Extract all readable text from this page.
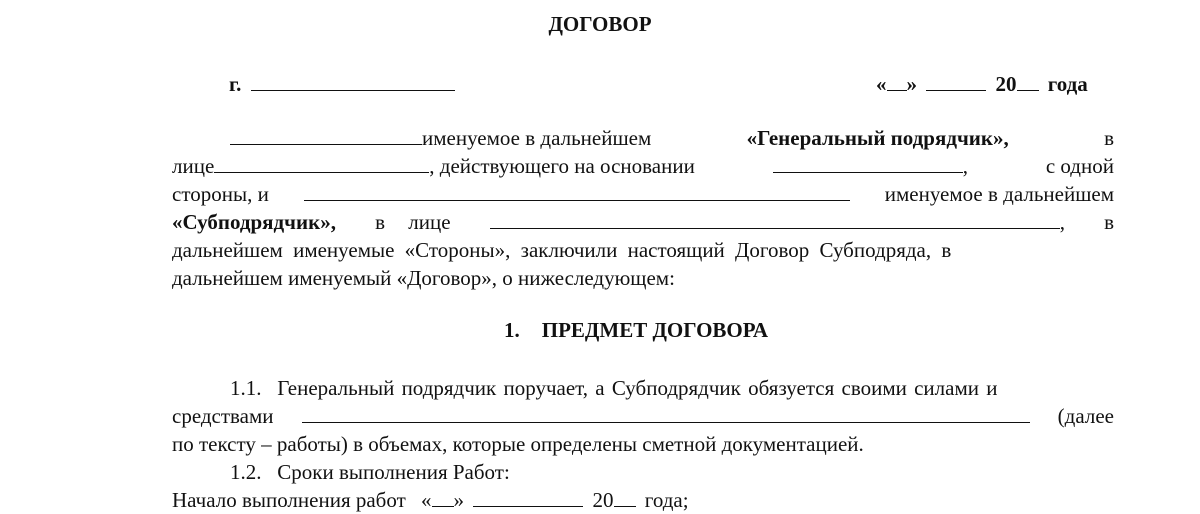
ДОГОВОР
г.	« »	20 года
именуемое в дальнейшем	«Генеральный подрядчик»,	в
лице	, действующего на основании	,	с одной
стороны, и	именуемое в дальнейшем
«Субподрядчик», в лице	, в
дальнейшем именуемые «Стороны», заключили настоящий Договор Субподряда, в
дальнейшем именуемый «Договор», о нижеследующем:
1. ПРЕДМЕТ ДОГОВОРА
1.1. Генеральный подрядчик поручает, а Субподрядчик обязуется своими силами и
средствами	(далее
по тексту – работы) в объемах, которые определены сметной документацией.
1.2. Сроки выполнения Работ:
Начало выполнения работ « »	20 года;
